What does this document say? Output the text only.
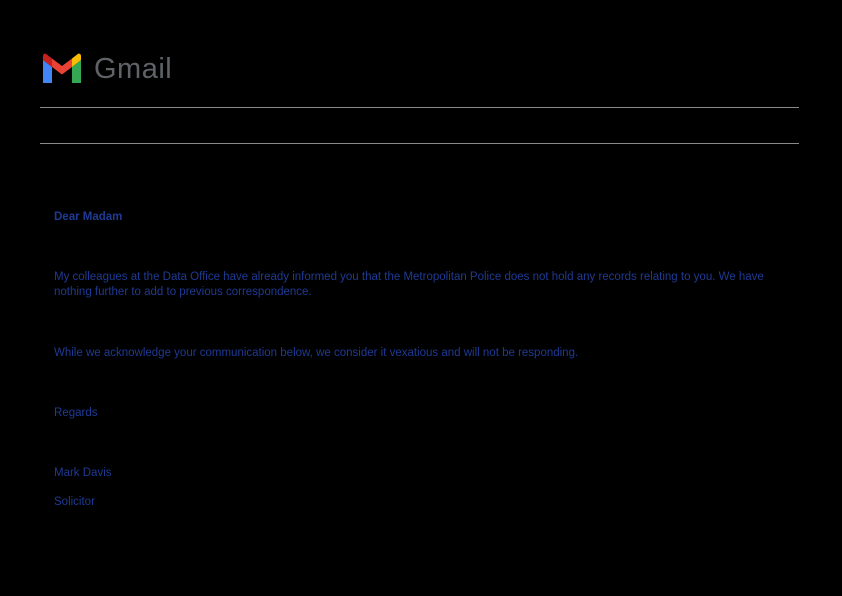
Gmail

Dear Madam

My colleagues at the Data Office have already informed you that the Metropolitan Police does not hold any records relating to you. We have nothing further to add to previous correspondence.

While we acknowledge your communication below, we consider it vexatious and will not be responding.

Regards

Mark Davis

Solicitor
